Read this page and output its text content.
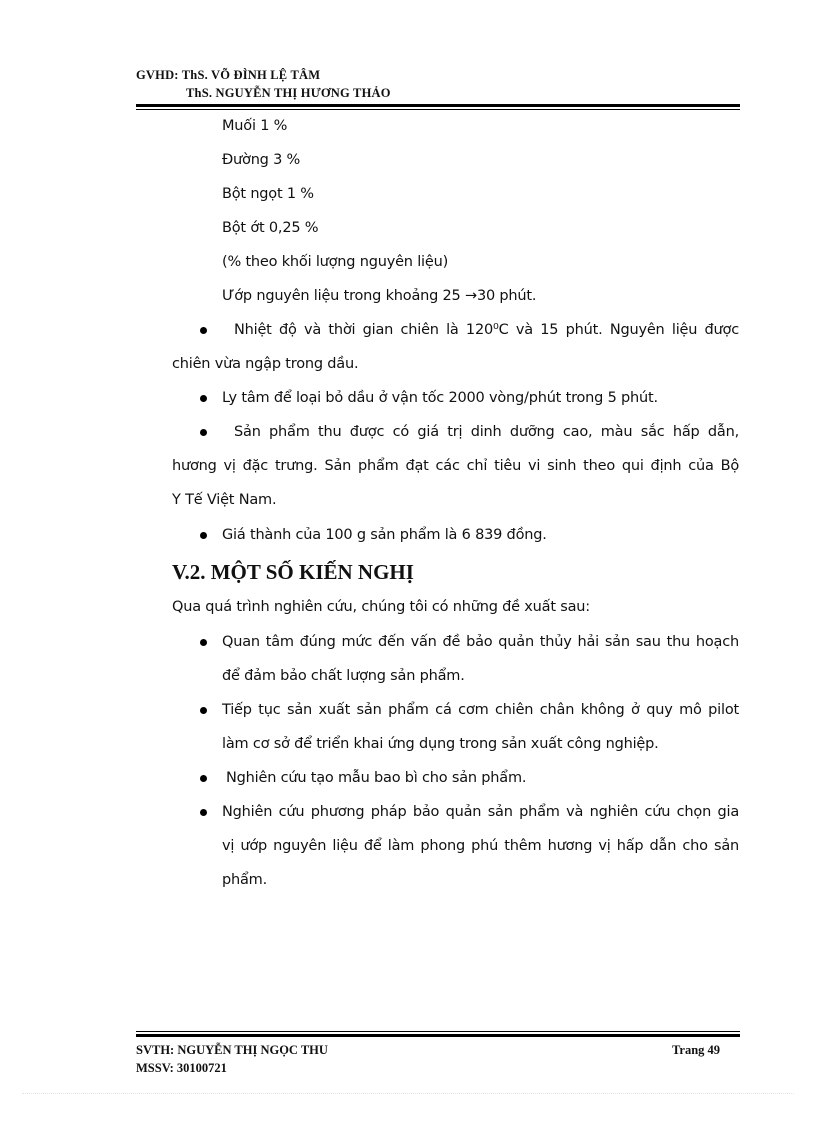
GVHD: ThS. VÕ ĐÌNH LỆ TÂM
ThS. NGUYỄN THỊ HƯƠNG THẢO
Muối 1 %
Đường 3 %
Bột ngọt 1 %
Bột ớt 0,25 %
(% theo khối lượng nguyên liệu)
Ướp nguyên liệu trong khoảng 25 →30 phút.
Nhiệt độ và thời gian chiên là 120⁰C và 15 phút. Nguyên liệu được
chiên vừa ngập trong dầu.
Ly tâm để loại bỏ dầu ở vận tốc 2000 vòng/phút trong 5 phút.
Sản phẩm thu được có giá trị dinh dưỡng cao, màu sắc hấp dẫn,
hương vị đặc trưng. Sản phẩm đạt các chỉ tiêu vi sinh theo qui định của Bộ
Y Tế Việt Nam.
Giá thành của 100 g sản phẩm là 6 839 đồng.
V.2. MỘT SỐ KIẾN NGHỊ
Qua quá trình nghiên cứu, chúng tôi có những đề xuất sau:
Quan tâm đúng mức đến vấn đề bảo quản thủy hải sản sau thu hoạch
để đảm bảo chất lượng sản phẩm.
Tiếp tục sản xuất sản phẩm cá cơm chiên chân không ở quy mô pilot
làm cơ sở để triển khai ứng dụng trong sản xuất công nghiệp.
Nghiên cứu tạo mẫu bao bì cho sản phẩm.
Nghiên cứu phương pháp bảo quản sản phẩm và nghiên cứu chọn gia
vị ướp nguyên liệu để làm phong phú thêm hương vị hấp dẫn cho sản
phẩm.
SVTH: NGUYỄN THỊ NGỌC THU
MSSV: 30100721
Trang 49
